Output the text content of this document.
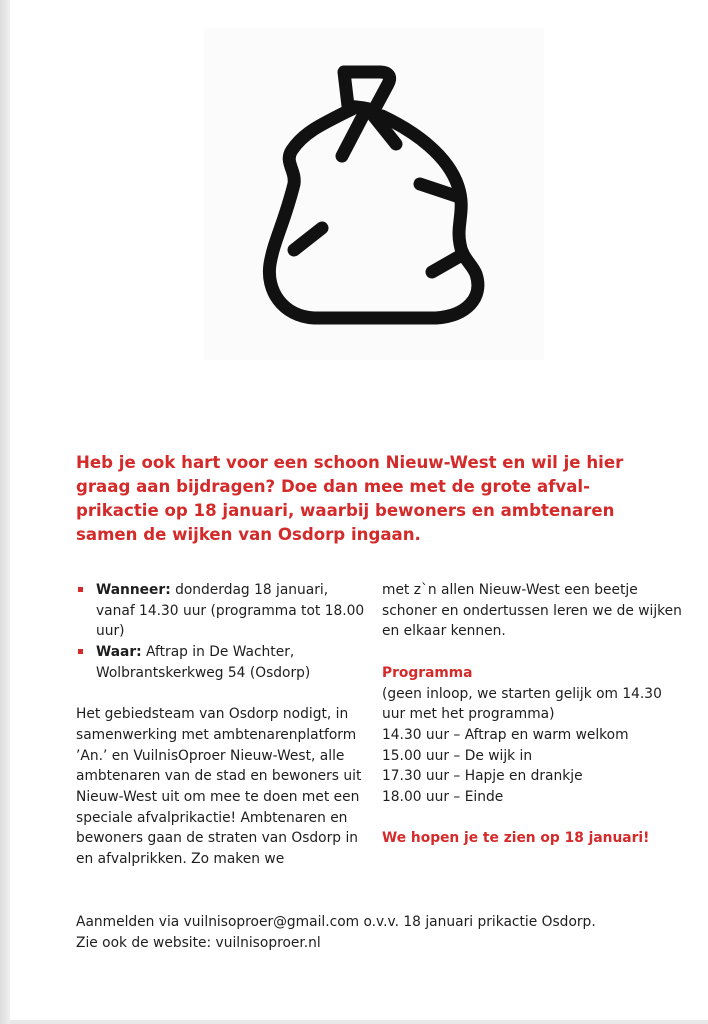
Heb je ook hart voor een schoon Nieuw-West en wil je hier graag aan bijdragen? Doe dan mee met de grote afval-prikactie op 18 januari, waarbij bewoners en ambtenaren samen de wijken van Osdorp ingaan.

Wanneer: donderdag 18 januari, vanaf 14.30 uur (programma tot 18.00 uur)
Waar: Aftrap in De Wachter, Wolbrantskerkweg 54 (Osdorp)

Het gebiedsteam van Osdorp nodigt, in samenwerking met ambtenarenplatform ’An.’ en VuilnisOproer Nieuw-West, alle ambtenaren van de stad en bewoners uit Nieuw-West uit om mee te doen met een speciale afvalprikactie! Ambtenaren en bewoners gaan de straten van Osdorp in en afvalprikken. Zo maken we

met z`n allen Nieuw-West een beetje schoner en ondertussen leren we de wijken en elkaar kennen.

Programma

(geen inloop, we starten gelijk om 14.30 uur met het programma)

14.30 uur – Aftrap en warm welkom

15.00 uur – De wijk in

17.30 uur – Hapje en drankje

18.00 uur – Einde

We hopen je te zien op 18 januari!

Aanmelden via vuilnisoproer@gmail.com o.v.v. 18 januari prikactie Osdorp.

Zie ook de website: vuilnisoproer.nl
